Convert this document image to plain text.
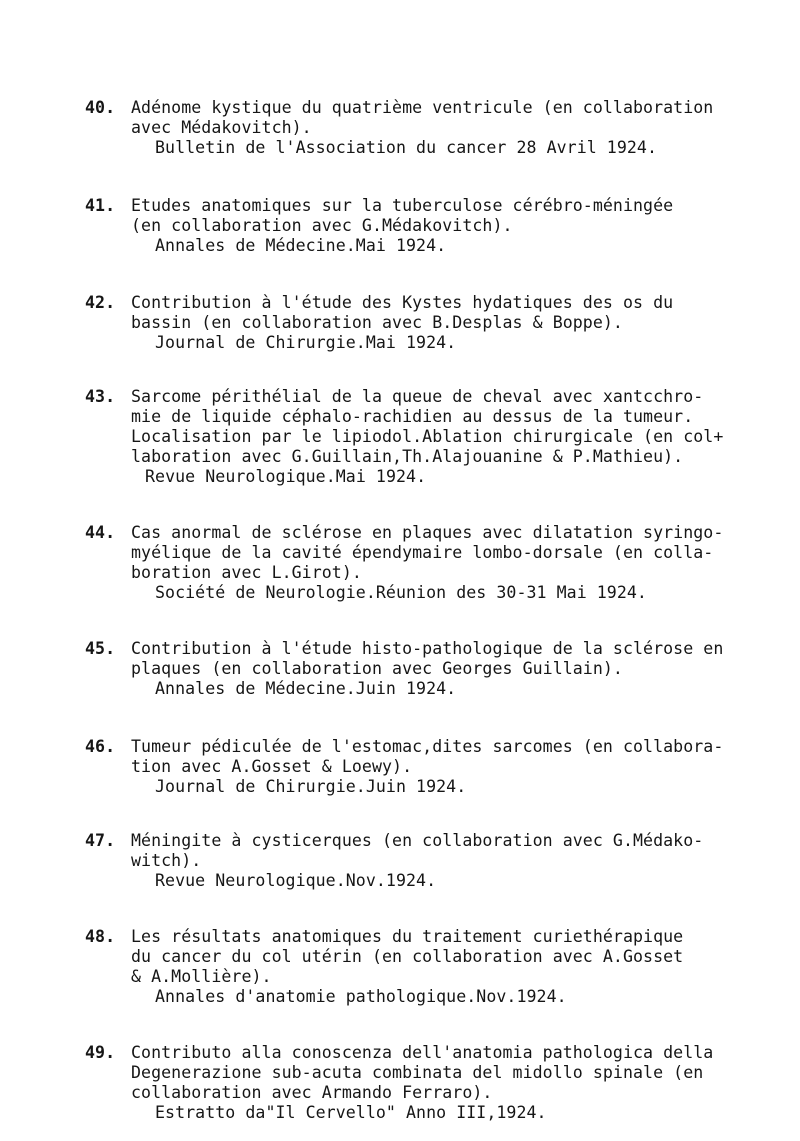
40. Adénome kystique du quatrième ventricule (en collaboration
avec Médakovitch).
Bulletin de l'Association du cancer 28 Avril 1924.
41. Etudes anatomiques sur la tuberculose cérébro-méningée
(en collaboration avec G.Médakovitch).
Annales de Médecine.Mai 1924.
42. Contribution à l'étude des Kystes hydatiques des os du
bassin (en collaboration avec B.Desplas & Boppe).
Journal de Chirurgie.Mai 1924.
43. Sarcome périthélial de la queue de cheval avec xantcchro-
mie de liquide céphalo-rachidien au dessus de la tumeur.
Localisation par le lipiodol.Ablation chirurgicale (en col+
laboration avec G.Guillain,Th.Alajouanine & P.Mathieu).
Revue Neurologique.Mai 1924.
44. Cas anormal de sclérose en plaques avec dilatation syringo-
myélique de la cavité épendymaire lombo-dorsale (en colla-
boration avec L.Girot).
Société de Neurologie.Réunion des 30-31 Mai 1924.
45. Contribution à l'étude histo-pathologique de la sclérose en
plaques (en collaboration avec Georges Guillain).
Annales de Médecine.Juin 1924.
46. Tumeur pédiculée de l'estomac,dites sarcomes (en collabora-
tion avec A.Gosset & Loewy).
Journal de Chirurgie.Juin 1924.
47. Méningite à cysticerques (en collaboration avec G.Médako-
witch).
Revue Neurologique.Nov.1924.
48. Les résultats anatomiques du traitement curiethérapique
du cancer du col utérin (en collaboration avec A.Gosset
& A.Mollière).
Annales d'anatomie pathologique.Nov.1924.
49. Contributo alla conoscenza dell'anatomia pathologica della
Degenerazione sub-acuta combinata del midollo spinale (en
collaboration avec Armando Ferraro).
Estratto da"Il Cervello" Anno III,1924.
